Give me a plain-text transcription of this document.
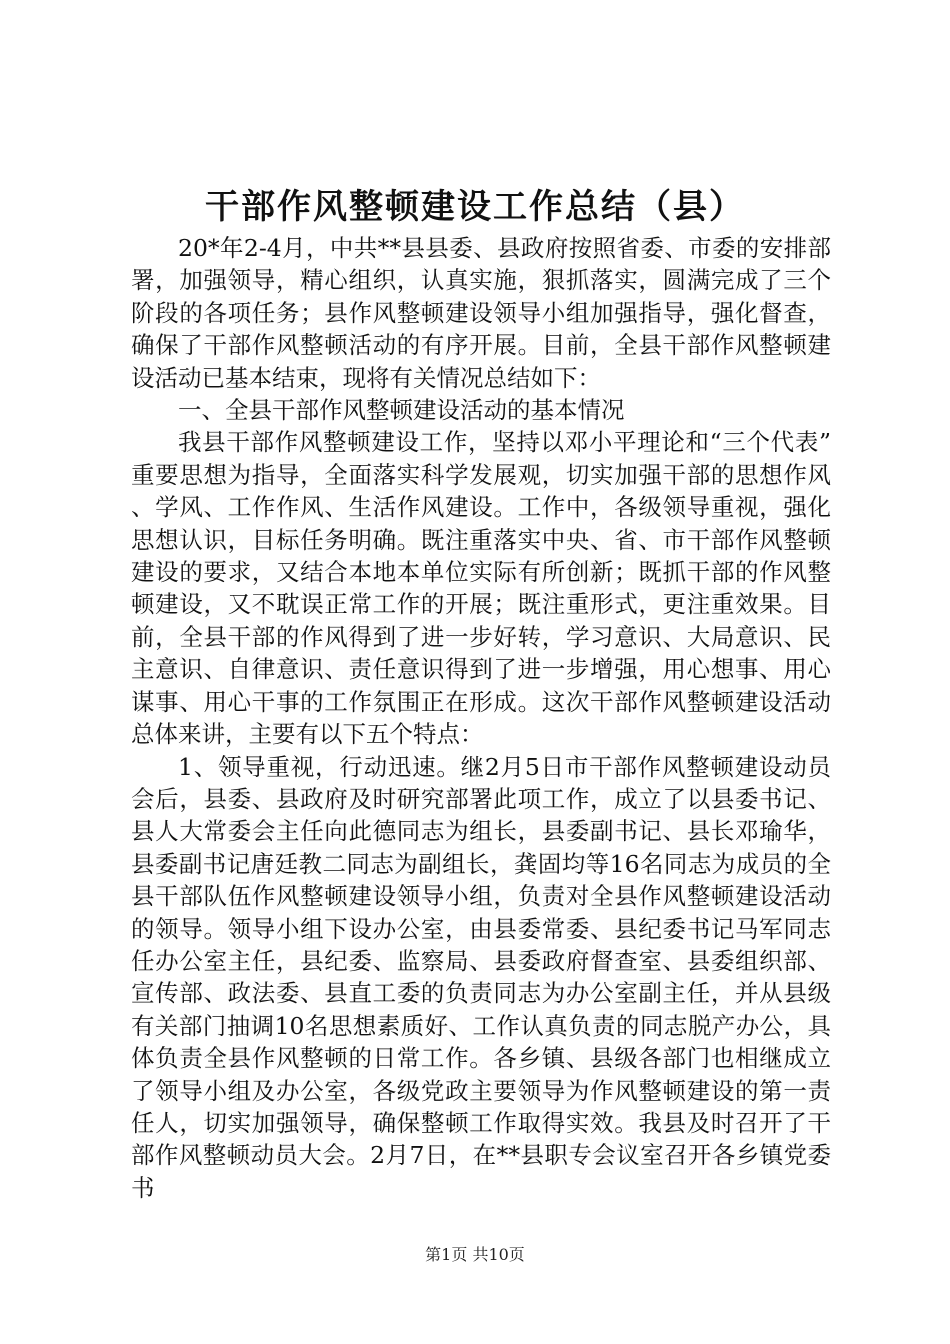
干部作风整顿建设工作总结（县）

20*年2-4月，中共**县县委、县政府按照省委、市委的安排部署，加强领导，精心组织，认真实施，狠抓落实，圆满完成了三个阶段的各项任务；县作风整顿建设领导小组加强指导，强化督查，确保了干部作风整顿活动的有序开展。目前，全县干部作风整顿建设活动已基本结束，现将有关情况总结如下：

一、全县干部作风整顿建设活动的基本情况

我县干部作风整顿建设工作，坚持以邓小平理论和“三个代表”重要思想为指导，全面落实科学发展观，切实加强干部的思想作风、学风、工作作风、生活作风建设。工作中，各级领导重视，强化思想认识，目标任务明确。既注重落实中央、省、市干部作风整顿建设的要求，又结合本地本单位实际有所创新；既抓干部的作风整顿建设，又不耽误正常工作的开展；既注重形式，更注重效果。目前，全县干部的作风得到了进一步好转，学习意识、大局意识、民主意识、自律意识、责任意识得到了进一步增强，用心想事、用心谋事、用心干事的工作氛围正在形成。这次干部作风整顿建设活动总体来讲，主要有以下五个特点：

1、领导重视，行动迅速。继2月5日市干部作风整顿建设动员会后，县委、县政府及时研究部署此项工作，成立了以县委书记、县人大常委会主任向此德同志为组长，县委副书记、县长邓瑜华，县委副书记唐廷教二同志为副组长，龚固均等16名同志为成员的全县干部队伍作风整顿建设领导小组，负责对全县作风整顿建设活动的领导。领导小组下设办公室，由县委常委、县纪委书记马军同志任办公室主任，县纪委、监察局、县委政府督查室、县委组织部、宣传部、政法委、县直工委的负责同志为办公室副主任，并从县级有关部门抽调10名思想素质好、工作认真负责的同志脱产办公，具体负责全县作风整顿的日常工作。各乡镇、县级各部门也相继成立了领导小组及办公室，各级党政主要领导为作风整顿建设的第一责任人，切实加强领导，确保整顿工作取得实效。我县及时召开了干部作风整顿动员大会。2月7日，在**县职专会议室召开各乡镇党委书

第1页 共10页
